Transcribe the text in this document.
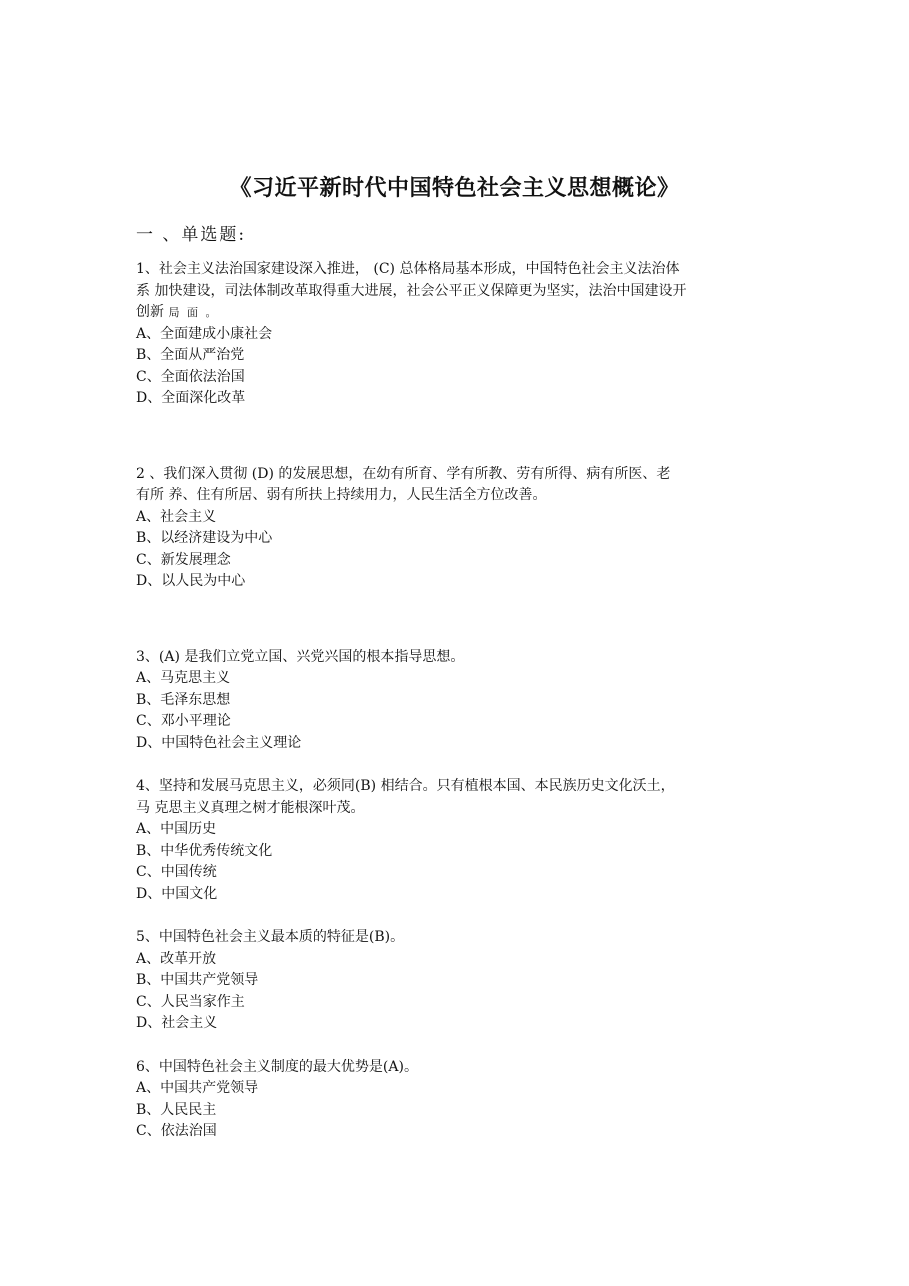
《习近平新时代中国特色社会主义思想概论》
一 、单选题:
1、社会主义法治国家建设深入推进， (C) 总体格局基本形成，中国特色社会主义法治体
系 加快建设，司法体制改革取得重大进展，社会公平正义保障更为坚实，法治中国建设开
创新 局 面 。
A、全面建成小康社会
B、全面从严治党
C、全面依法治国
D、全面深化改革
2 、我们深入贯彻 (D) 的发展思想，在幼有所育、学有所教、劳有所得、病有所医、老
有所 养、住有所居、弱有所扶上持续用力，人民生活全方位改善。
A、社会主义
B、以经济建设为中心
C、新发展理念
D、以人民为中心
3、(A) 是我们立党立国、兴党兴国的根本指导思想。
A、马克思主义
B、毛泽东思想
C、邓小平理论
D、中国特色社会主义理论
4、坚持和发展马克思主义，必须同(B) 相结合。只有植根本国、本民族历史文化沃土，
马 克思主义真理之树才能根深叶茂。
A、中国历史
B、中华优秀传统文化
C、中国传统
D、中国文化
5、中国特色社会主义最本质的特征是(B)。
A、改革开放
B、中国共产党领导
C、人民当家作主
D、社会主义
6、中国特色社会主义制度的最大优势是(A)。
A、中国共产党领导
B、人民民主
C、依法治国
